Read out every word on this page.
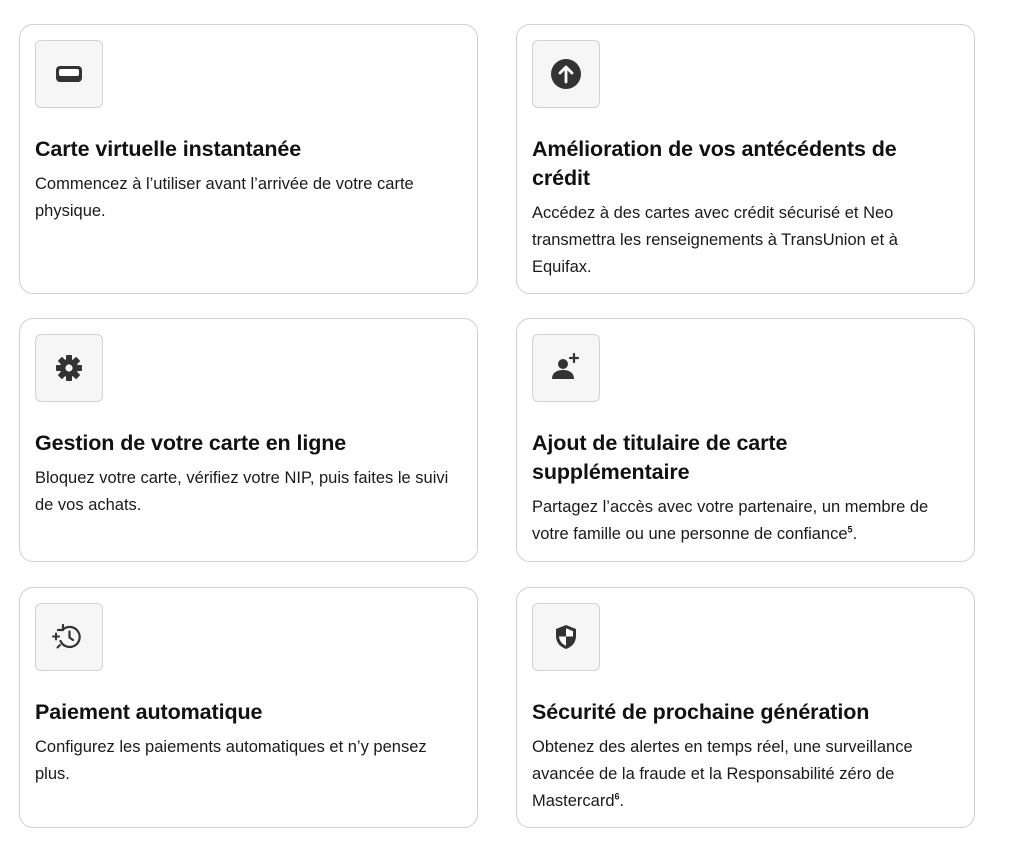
Carte virtuelle instantanée

Commencez à l’utiliser avant l’arrivée de votre carte physique.

Amélioration de vos antécédents de crédit

Accédez à des cartes avec crédit sécurisé et Neo transmettra les renseignements à TransUnion et à Equifax.

Gestion de votre carte en ligne

Bloquez votre carte, vérifiez votre NIP, puis faites le suivi de vos achats.

Ajout de titulaire de carte supplémentaire

Partagez l’accès avec votre partenaire, un membre de votre famille ou une personne de confiance$^5$.

Paiement automatique

Configurez les paiements automatiques et n’y pensez plus.

Sécurité de prochaine génération

Obtenez des alertes en temps réel, une surveillance avancée de la fraude et la Responsabilité zéro de Mastercard$^6$.
